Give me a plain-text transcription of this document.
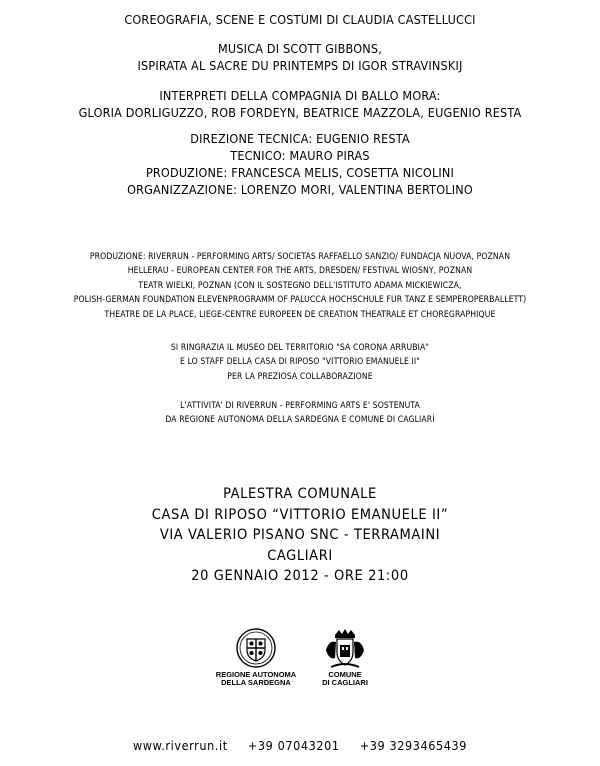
COREOGRAFIA, SCENE E COSTUMI DI CLAUDIA CASTELLUCCI
MUSICA DI SCOTT GIBBONS,
ISPIRATA AL SACRE DU PRINTEMPS DI IGOR STRAVINSKIJ
INTERPRETI DELLA COMPAGNIA DI BALLO MORA:
GLORIA DORLIGUZZO, ROB FORDEYN, BEATRICE MAZZOLA, EUGENIO RESTA
DIREZIONE TECNICA: EUGENIO RESTA
TECNICO: MAURO PIRAS
PRODUZIONE: FRANCESCA MELIS, COSETTA NICOLINI
ORGANIZZAZIONE: LORENZO MORI, VALENTINA BERTOLINO
PRODUZIONE: RIVERRUN - PERFORMING ARTS/ SOCIETAS RAFFAELLO SANZIO/ FUNDACJA NUOVA, POZNAN
HELLERAU - EUROPEAN CENTER FOR THE ARTS, DRESDEN/ FESTIVAL WIOSNY, POZNAN
TEATR WIELKI, POZNAN (CON IL SOSTEGNO DELL'ISTITUTO ADAMA MICKIEWICZA,
POLISH-GERMAN FOUNDATION ELEVENPROGRAMM OF PALUCCA HOCHSCHULE FUR TANZ E SEMPEROPERBALLETT)
THEATRE DE LA PLACE, LIEGE-CENTRE EUROPEEN DE CREATION THEATRALE ET CHOREGRAPHIQUE
SI RINGRAZIA IL MUSEO DEL TERRITORIO "SA CORONA ARRUBIA"
E LO STAFF DELLA CASA DI RIPOSO "VITTORIO EMANUELE II"
PER LA PREZIOSA COLLABORAZIONE
L'ATTIVITA' DI RIVERRUN - PERFORMING ARTS E' SOSTENUTA
DA REGIONE AUTONOMA DELLA SARDEGNA E COMUNE DI CAGLIARÍ
PALESTRA COMUNALE
CASA DI RIPOSO “VITTORIO EMANUELE II”
VIA VALERIO PISANO SNC - TERRAMAINI
CAGLIARI
20 GENNAIO 2012 - ORE 21:00
REGIONE AUTONOMA
DELLA SARDEGNA
COMUNE
DI CAGLIARI
www.riverrun.it +39 07043201 +39 3293465439
